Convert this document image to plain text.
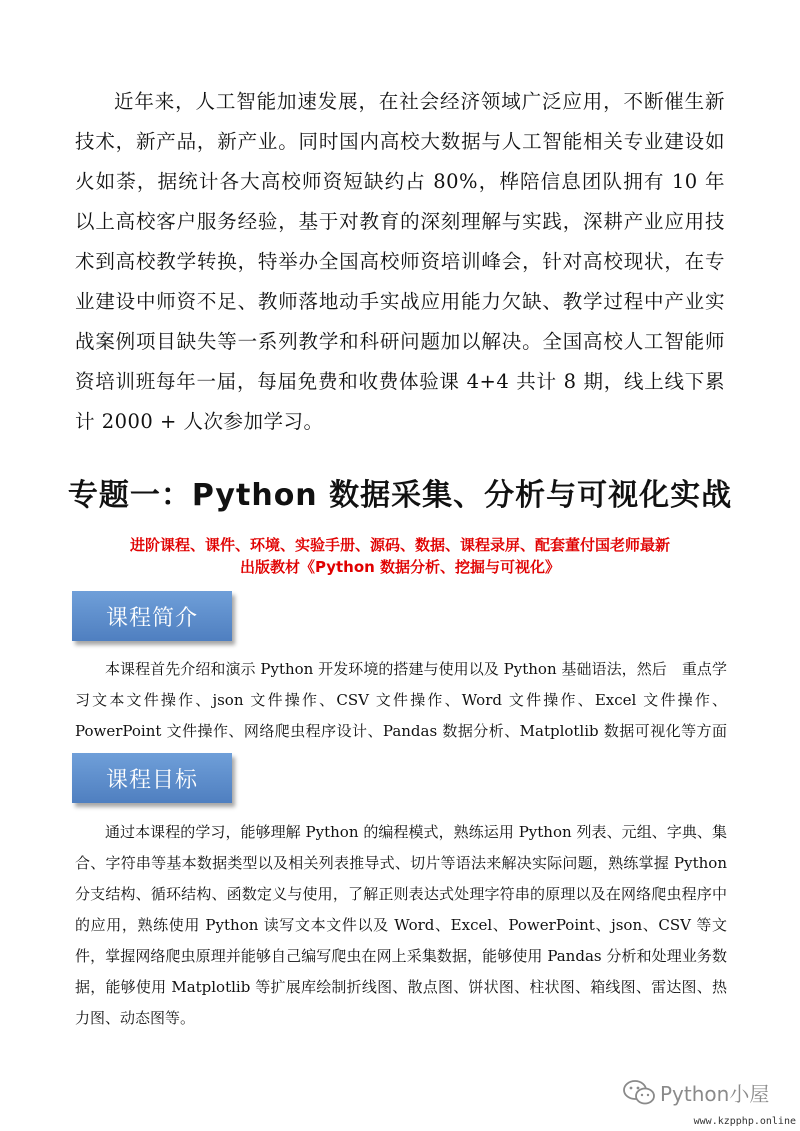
近年来，人工智能加速发展，在社会经济领域广泛应用，不断催生新技术，新产品，新产业。同时国内高校大数据与人工智能相关专业建设如火如荼，据统计各大高校师资短缺约占 80%，桦陪信息团队拥有 10 年以上高校客户服务经验，基于对教育的深刻理解与实践，深耕产业应用技术到高校教学转换，特举办全国高校师资培训峰会，针对高校现状，在专业建设中师资不足、教师落地动手实战应用能力欠缺、教学过程中产业实战案例项目缺失等一系列教学和科研问题加以解决。全国高校人工智能师资培训班每年一届，每届免费和收费体验课 4+4 共计 8 期，线上线下累计 2000 + 人次参加学习。

专题一：Python 数据采集、分析与可视化实战
进阶课程、课件、环境、实验手册、源码、数据、课程录屏、配套董付国老师最新
出版教材《Python 数据分析、挖掘与可视化》
课程简介

本课程首先介绍和演示 Python 开发环境的搭建与使用以及 Python 基础语法，然后　重点学习文本文件操作、json 文件操作、CSV 文件操作、Word 文件操作、Excel 文件操作、PowerPoint 文件操作、网络爬虫程序设计、Pandas 数据分析、Matplotlib 数据可视化等方面

课程目标

通过本课程的学习，能够理解 Python 的编程模式，熟练运用 Python 列表、元组、字典、集合、字符串等基本数据类型以及相关列表推导式、切片等语法来解决实际问题，熟练掌握 Python 分支结构、循环结构、函数定义与使用，了解正则表达式处理字符串的原理以及在网络爬虫程序中的应用，熟练使用 Python 读写文本文件以及 Word、Excel、PowerPoint、json、CSV 等文件，掌握网络爬虫原理并能够自己编写爬虫在网上采集数据，能够使用 Pandas 分析和处理业务数据，能够使用 Matplotlib 等扩展库绘制折线图、散点图、饼状图、柱状图、箱线图、雷达图、热力图、动态图等。

Python小屋
www.kzpphp.online
